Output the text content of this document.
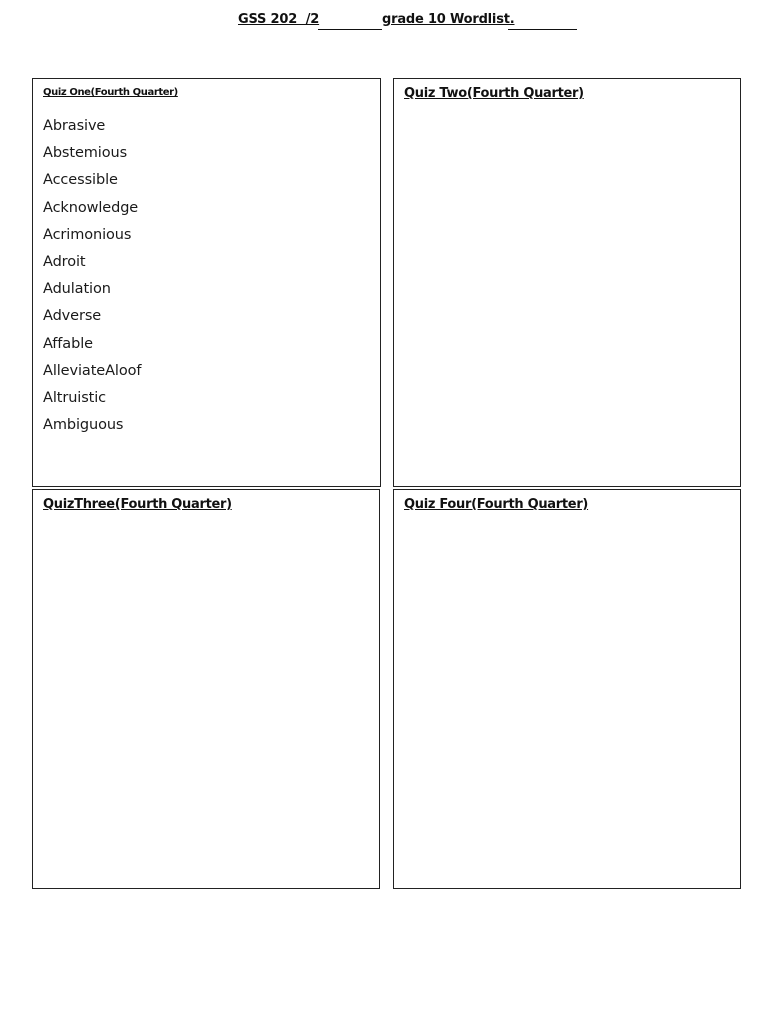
GSS 202  /2	grade 10 Wordlist.
Quiz One(Fourth Quarter)
Abrasive
Abstemious
Accessible
Acknowledge
Acrimonious
Adroit
Adulation
Adverse
Affable
AlleviateAloof
Altruistic
Ambiguous
Quiz Two(Fourth Quarter)
QuizThree(Fourth Quarter)	Quiz Four(Fourth Quarter)
